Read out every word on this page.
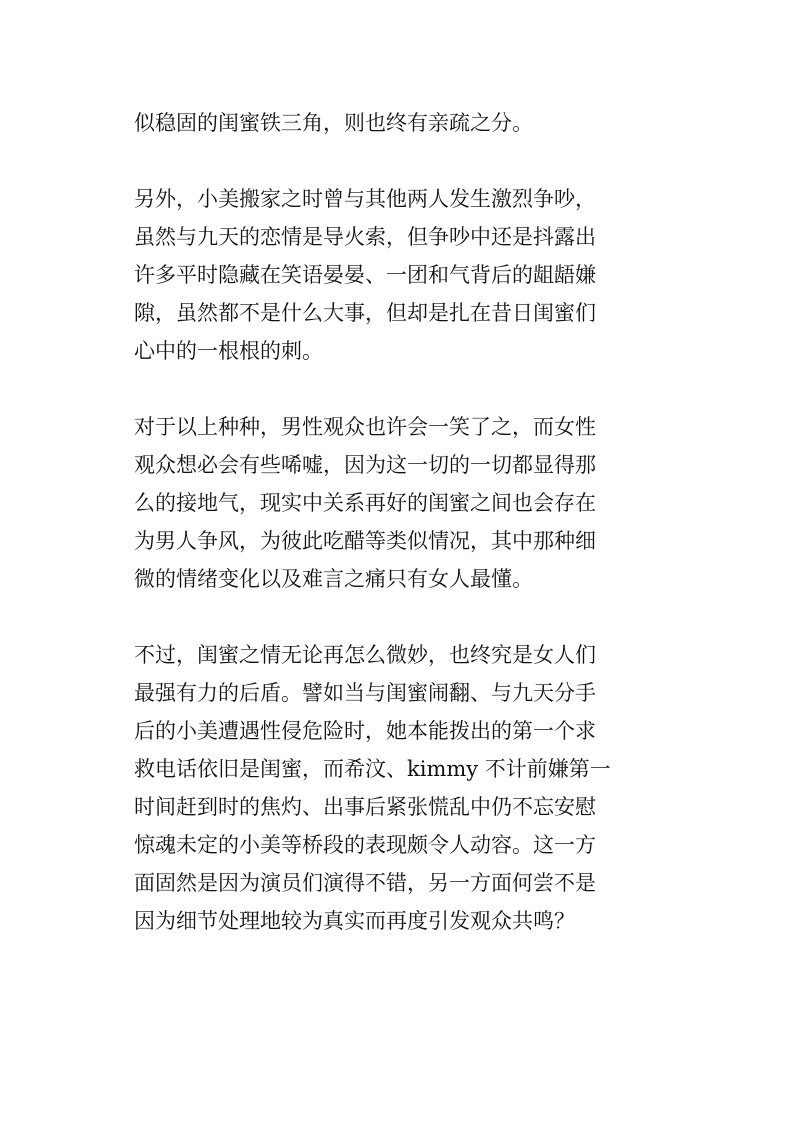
似稳固的闺蜜铁三角，则也终有亲疏之分。
另外，小美搬家之时曾与其他两人发生激烈争吵，
虽然与九天的恋情是导火索，但争吵中还是抖露出
许多平时隐藏在笑语晏晏、一团和气背后的龃龉嫌
隙，虽然都不是什么大事，但却是扎在昔日闺蜜们
心中的一根根的刺。
对于以上种种，男性观众也许会一笑了之，而女性
观众想必会有些唏嘘，因为这一切的一切都显得那
么的接地气，现实中关系再好的闺蜜之间也会存在
为男人争风，为彼此吃醋等类似情况，其中那种细
微的情绪变化以及难言之痛只有女人最懂。
不过，闺蜜之情无论再怎么微妙，也终究是女人们
最强有力的后盾。譬如当与闺蜜闹翻、与九天分手
后的小美遭遇性侵危险时，她本能拨出的第一个求
救电话依旧是闺蜜，而希汶、kimmy 不计前嫌第一
时间赶到时的焦灼、出事后紧张慌乱中仍不忘安慰
惊魂未定的小美等桥段的表现颇令人动容。这一方
面固然是因为演员们演得不错，另一方面何尝不是
因为细节处理地较为真实而再度引发观众共鸣？
